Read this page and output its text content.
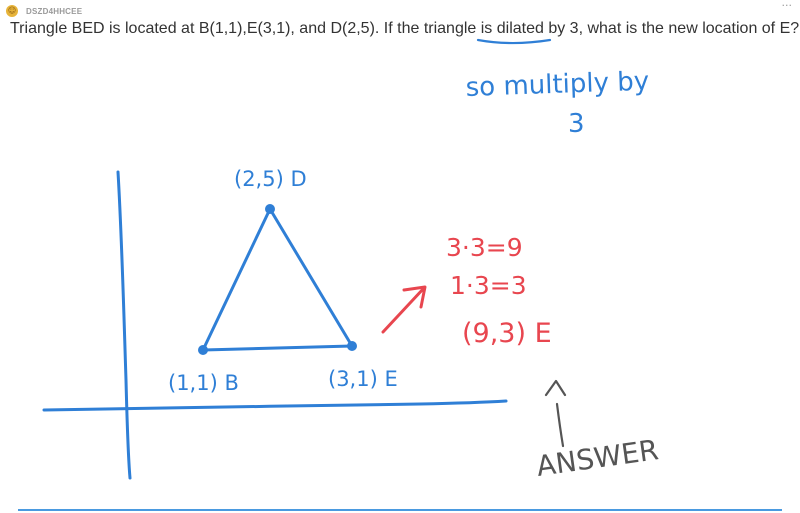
☺ DSZD4HHCEE	···
Triangle BED is located at B(1,1),E(3,1), and D(2,5). If the triangle is dilated by 3, what is the new location of E?
so multiply by
3
(2,5) D
(1,1) B	(3,1) E
3·3=9
1·3=3
(9,3) E
ANSWER
